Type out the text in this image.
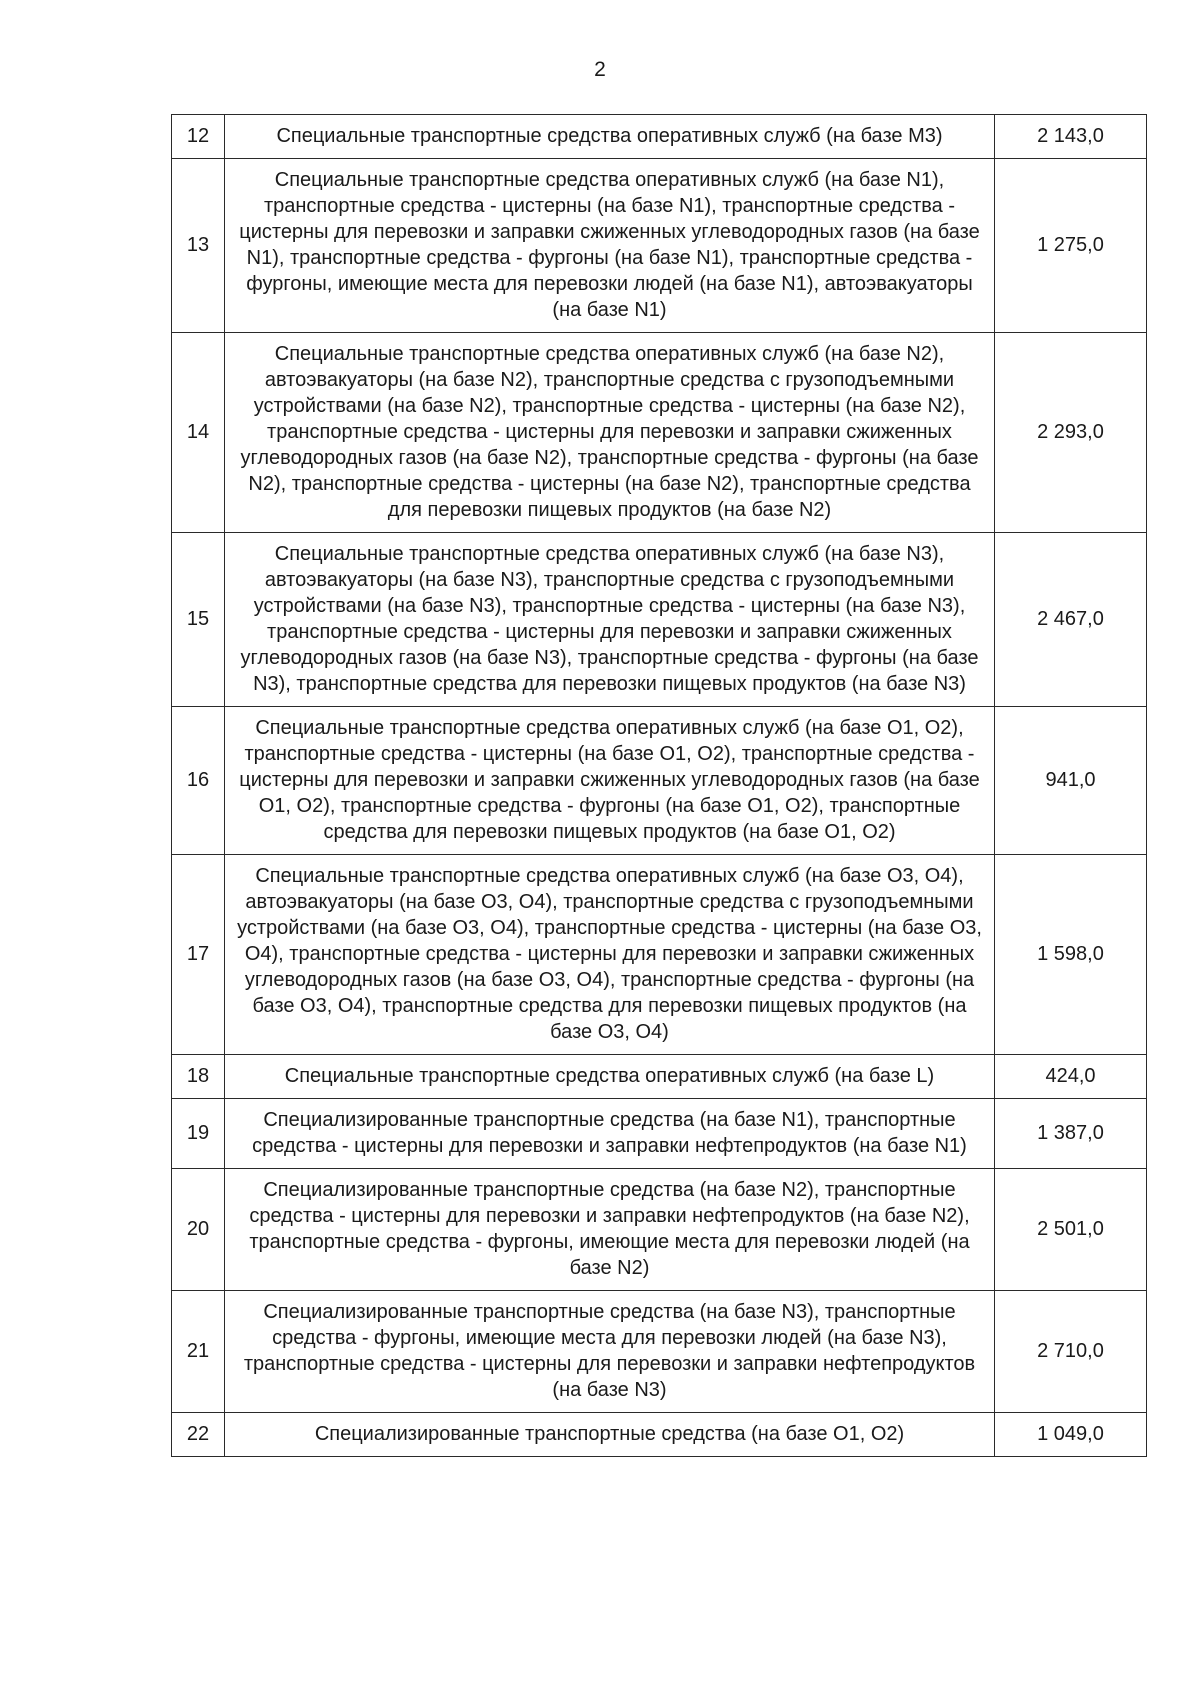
2
12	Специальные транспортные средства оперативных служб (на базе М3)	2 143,0
13	Специальные транспортные средства оперативных служб (на базе N1), транспортные средства - цистерны (на базе N1), транспортные средства - цистерны для перевозки и заправки сжиженных углеводородных газов (на базе N1), транспортные средства - фургоны (на базе N1), транспортные средства - фургоны, имеющие места для перевозки людей (на базе N1), автоэвакуаторы (на базе N1)	1 275,0
14	Специальные транспортные средства оперативных служб (на базе N2), автоэвакуаторы (на базе N2), транспортные средства с грузоподъемными устройствами (на базе N2), транспортные средства - цистерны (на базе N2), транспортные средства - цистерны для перевозки и заправки сжиженных углеводородных газов (на базе N2), транспортные средства - фургоны (на базе N2), транспортные средства - цистерны (на базе N2), транспортные средства для перевозки пищевых продуктов (на базе N2)	2 293,0
15	Специальные транспортные средства оперативных служб (на базе N3), автоэвакуаторы (на базе N3), транспортные средства с грузоподъемными устройствами (на базе N3), транспортные средства - цистерны (на базе N3), транспортные средства - цистерны для перевозки и заправки сжиженных углеводородных газов (на базе N3), транспортные средства - фургоны (на базе N3), транспортные средства для перевозки пищевых продуктов (на базе N3)	2 467,0
16	Специальные транспортные средства оперативных служб (на базе О1, О2), транспортные средства - цистерны (на базе О1, О2), транспортные средства - цистерны для перевозки и заправки сжиженных углеводородных газов (на базе О1, О2), транспортные средства - фургоны (на базе О1, О2), транспортные средства для перевозки пищевых продуктов (на базе О1, О2)	941,0
17	Специальные транспортные средства оперативных служб (на базе О3, О4), автоэвакуаторы (на базе О3, О4), транспортные средства с грузоподъемными устройствами (на базе О3, О4), транспортные средства - цистерны (на базе О3, О4), транспортные средства - цистерны для перевозки и заправки сжиженных углеводородных газов (на базе О3, О4), транспортные средства - фургоны (на базе О3, О4), транспортные средства для перевозки пищевых продуктов (на базе О3, О4)	1 598,0
18	Специальные транспортные средства оперативных служб (на базе L)	424,0
19	Специализированные транспортные средства (на базе N1), транспортные средства - цистерны для перевозки и заправки нефтепродуктов (на базе N1)	1 387,0
20	Специализированные транспортные средства (на базе N2), транспортные средства - цистерны для перевозки и заправки нефтепродуктов (на базе N2), транспортные средства - фургоны, имеющие места для перевозки людей (на базе N2)	2 501,0
21	Специализированные транспортные средства (на базе N3), транспортные средства - фургоны, имеющие места для перевозки людей (на базе N3), транспортные средства - цистерны для перевозки и заправки нефтепродуктов (на базе N3)	2 710,0
22	Специализированные транспортные средства (на базе О1, О2)	1 049,0
